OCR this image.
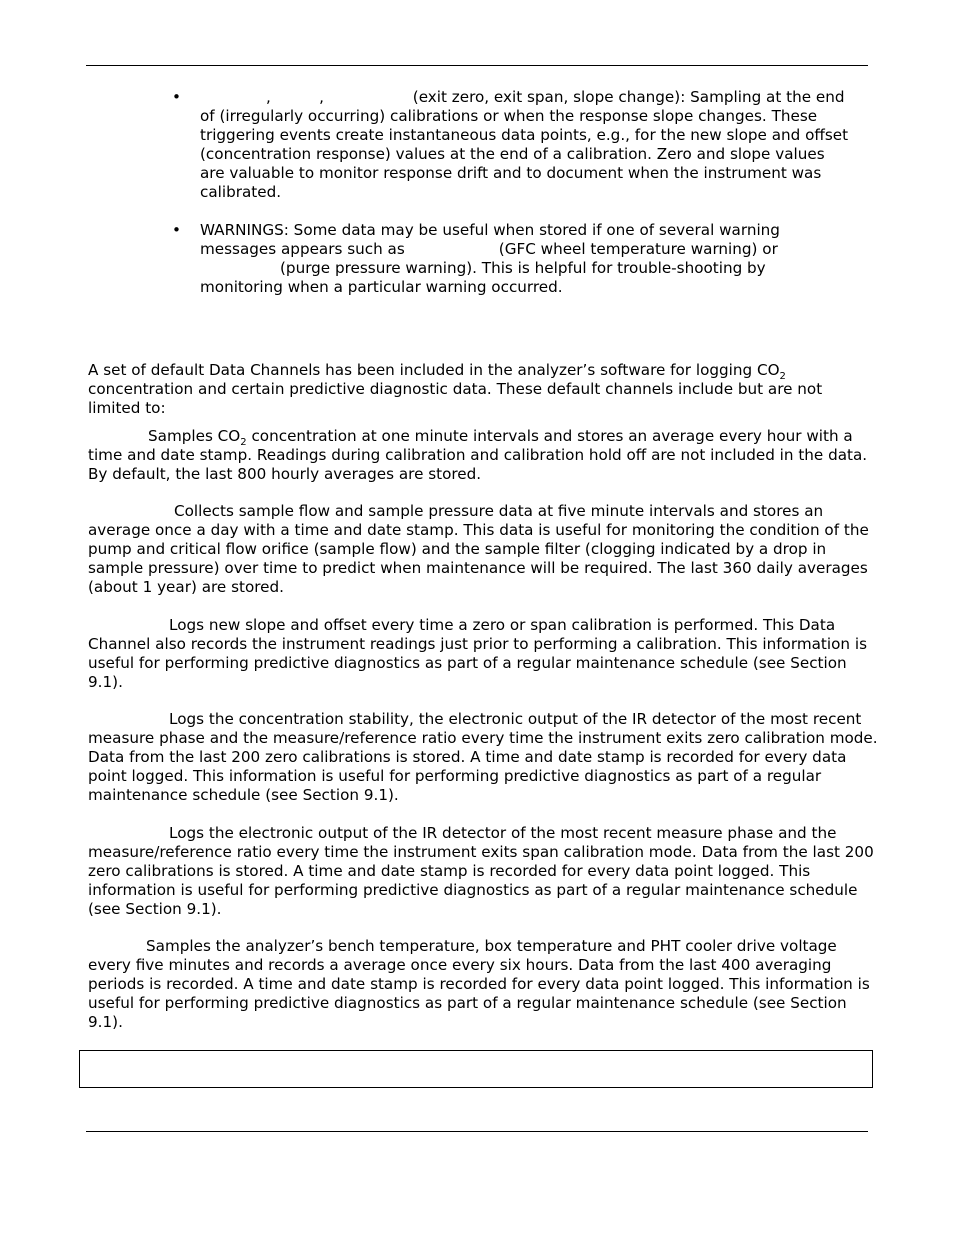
•	,          ,	(exit zero, exit span, slope change): Sampling at the end of (irregularly occurring) calibrations or when the response slope changes. These triggering events create instantaneous data points, e.g., for the new slope and offset (concentration response) values at the end of a calibration. Zero and slope values are valuable to monitor response drift and to document when the instrument was calibrated.
• WARNINGS: Some data may be useful when stored if one of several warning messages appears such as	(GFC wheel temperature warning) or(purge pressure warning). This is helpful for trouble-shooting by monitoring when a particular warning occurred.

A set of default Data Channels has been included in the analyzer’s software for logging $CO_2$ concentration and certain predictive diagnostic data. These default channels include but are not limited to:

Samples $CO_2$ concentration at one minute intervals and stores an average every hour with a time and date stamp. Readings during calibration and calibration hold off are not included in the data. By default, the last 800 hourly averages are stored.

Collects sample flow and sample pressure data at five minute intervals and stores an average once a day with a time and date stamp. This data is useful for monitoring the condition of the pump and critical flow orifice (sample flow) and the sample filter (clogging indicated by a drop in sample pressure) over time to predict when maintenance will be required. The last 360 daily averages (about 1 year) are stored.

Logs new slope and offset every time a zero or span calibration is performed. This Data Channel also records the instrument readings just prior to performing a calibration. This information is useful for performing predictive diagnostics as part of a regular maintenance schedule (see Section 9.1).

Logs the concentration stability, the electronic output of the IR detector of the most recent measure phase and the measure/reference ratio every time the instrument exits zero calibration mode. Data from the last 200 zero calibrations is stored. A time and date stamp is recorded for every data point logged. This information is useful for performing predictive diagnostics as part of a regular maintenance schedule (see Section 9.1).

Logs the electronic output of the IR detector of the most recent measure phase and the measure/reference ratio every time the instrument exits span calibration mode. Data from the last 200 zero calibrations is stored. A time and date stamp is recorded for every data point logged. This information is useful for performing predictive diagnostics as part of a regular maintenance schedule (see Section 9.1).

Samples the analyzer’s bench temperature, box temperature and PHT cooler drive voltage every five minutes and records a average once every six hours. Data from the last 400 averaging periods is recorded. A time and date stamp is recorded for every data point logged. This information is useful for performing predictive diagnostics as part of a regular maintenance schedule (see Section 9.1).
